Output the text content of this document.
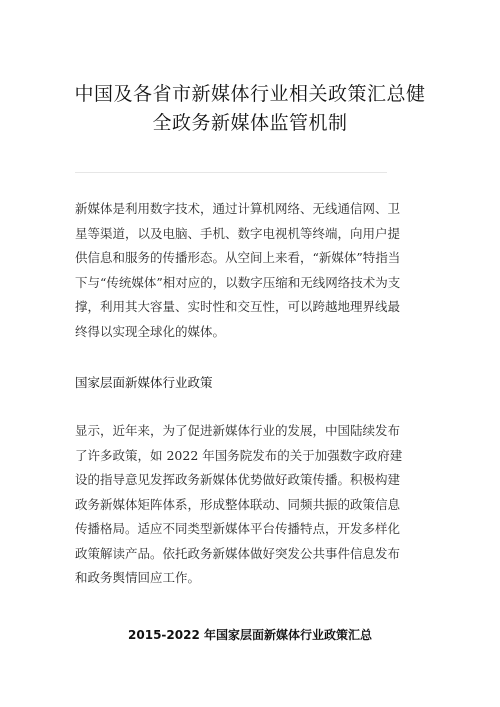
中国及各省市新媒体行业相关政策汇总健
全政务新媒体监管机制
新媒体是利用数字技术，通过计算机网络、无线通信网、卫
星等渠道，以及电脑、手机、数字电视机等终端，向用户提
供信息和服务的传播形态。从空间上来看，“新媒体”特指当
下与“传统媒体”相对应的，以数字压缩和无线网络技术为支
撑，利用其大容量、实时性和交互性，可以跨越地理界线最
终得以实现全球化的媒体。
国家层面新媒体行业政策
显示，近年来，为了促进新媒体行业的发展，中国陆续发布
了许多政策，如 2022 年国务院发布的关于加强数字政府建
设的指导意见发挥政务新媒体优势做好政策传播。积极构建
政务新媒体矩阵体系，形成整体联动、同频共振的政策信息
传播格局。适应不同类型新媒体平台传播特点，开发多样化
政策解读产品。依托政务新媒体做好突发公共事件信息发布
和政务舆情回应工作。
2015-2022 年国家层面新媒体行业政策汇总
